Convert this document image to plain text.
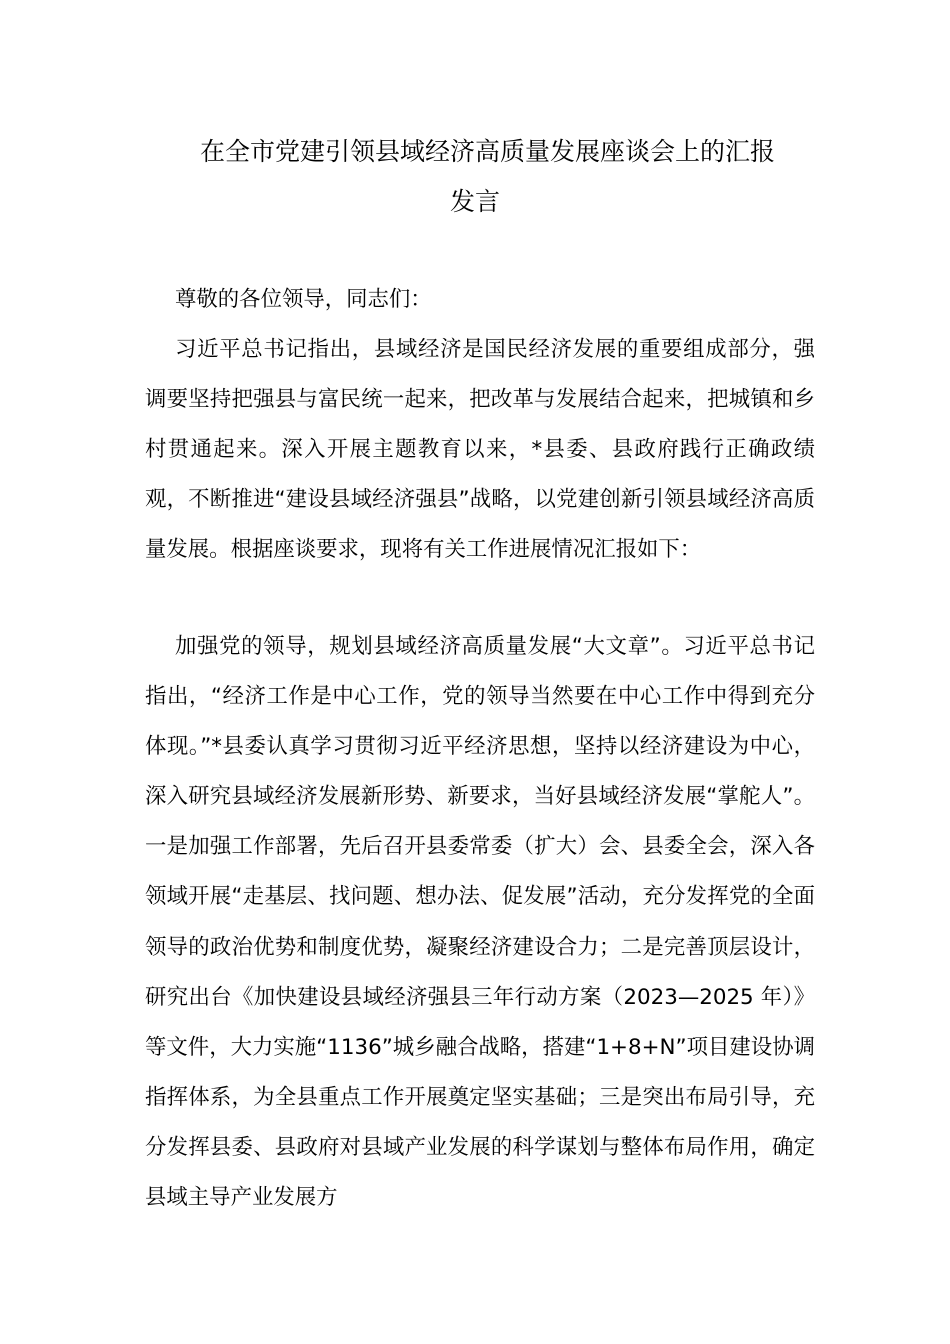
在全市党建引领县域经济高质量发展座谈会上的汇报
发言

尊敬的各位领导，同志们：

习近平总书记指出，县域经济是国民经济发展的重要组成部分，强调要坚持把强县与富民统一起来，把改革与发展结合起来，把城镇和乡村贯通起来。深入开展主题教育以来，*县委、县政府践行正确政绩观，不断推进“建设县域经济强县”战略，以党建创新引领县域经济高质量发展。根据座谈要求，现将有关工作进展情况汇报如下：

加强党的领导，规划县域经济高质量发展“大文章”。习近平总书记指出，“经济工作是中心工作，党的领导当然要在中心工作中得到充分体现。”*县委认真学习贯彻习近平经济思想，坚持以经济建设为中心，深入研究县域经济发展新形势、新要求，当好县域经济发展“掌舵人”。一是加强工作部署，先后召开县委常委（扩大）会、县委全会，深入各领域开展“走基层、找问题、想办法、促发展”活动，充分发挥党的全面领导的政治优势和制度优势，凝聚经济建设合力；二是完善顶层设计，研究出台《加快建设县域经济强县三年行动方案（2023—2025 年）》等文件，大力实施“1136”城乡融合战略，搭建“1+8+N”项目建设协调指挥体系，为全县重点工作开展奠定坚实基础；三是突出布局引导，充分发挥县委、县政府对县域产业发展的科学谋划与整体布局作用，确定县域主导产业发展方
